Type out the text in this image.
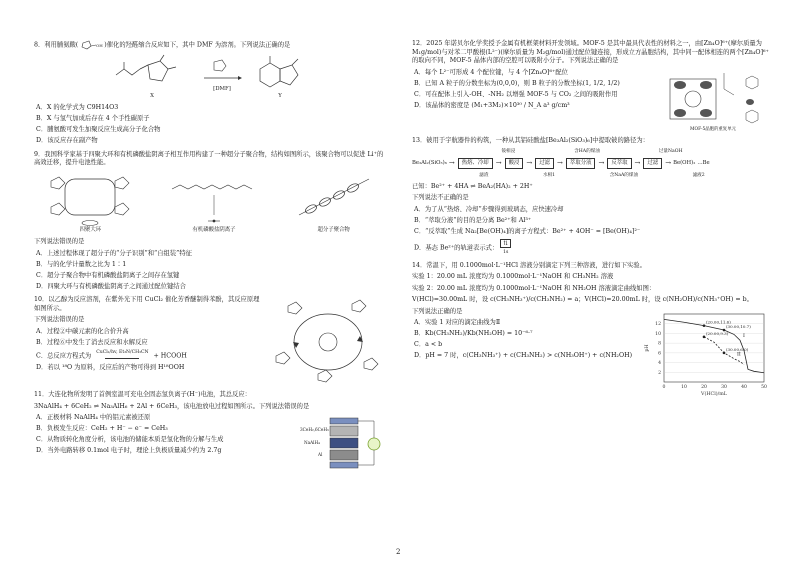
8．利用脯氨酸(	OH )催化的羟醛缩合反应如下，其中 DMF 为溶剂。下列说法正确的是

X
[DMF]
Y

A．X 的化学式为 C9H14O3

B．X 与氢气加成后存在 4 个手性碳原子

C．脯氨酸可发生加聚反应生成高分子化合物

D．该反应存在副产物

9．我国科学家基于四聚大环和有机磷酸盐阴离子相互作用构建了一种超分子聚合物，结构如图所示，该聚合物可以促进 Li⁺的高效迁移，提升电池性能。

四聚大环	有机磷酸盐阴离子	超分子聚合物

下列说法错误的是

A．上述过程体现了超分子的“分子识别”和“自组装”特征

B．与的化学计量数之比为 1∶1

C．超分子聚合物中有机磷酸盐阴离子之间存在氢键

D．四聚大环与有机磷酸盐阴离子之间通过配位键结合

10．以乙醇为反应溶剂，在紫外光下用 CuCl₂ 催化芳香醚制得苯酚，其反应原理如图所示。

下列说法错误的是

A．过程②中碳元素的化合价升高

B．过程⑥中发生了消去反应和水解反应

C．总反应方程式为 CuCl₂/hv, Et₃N/CH₃CN
+ HCOOH

D．若以 ¹⁸O 为原料，反应后的产物可得到 H¹⁸OOH

11．大连化物所发明了首例室温可充电全固态氢负离子(H⁻)电池，其总反应：

3NaAlH₄ + 6CeH₂ ⇌ Na₃AlH₆ + 2Al + 6CeH₃，该电池放电过程如图所示。下列说法错误的是

A．正极材料 NaAlH₄ 中的铝元素被还原

B．负极发生反应：CeH₂ + H⁻ − e⁻ = CeH₃

C．从物质转化角度分析，该电池的储能本质是氢化物的分解与生成

D．当外电路转移 0.1mol 电子时，理论上负极质量减少约为 2.7g

3CeH₂,6CeH₃
NaAlH₄
Al

12．2025 年诺贝尔化学奖授予金属有机框架材料开发领域。MOF-5 是其中最具代表性的材料之一，由[Zn₄O]⁶⁺(摩尔质量为 M₁g/mol)与对苯二甲酸根(L²⁻)(摩尔质量为 M₂g/mol)通过配位键连接，形成立方晶胞结构，其中同一配体相连的两个[Zn₄O]⁶⁺的取向不同，MOF-5 晶体内部的空腔可以吸附小分子。下列说法正确的是

A．每个 L²⁻可形成 4 个配位键，与 4 个[Zn₄O]⁶⁺配位

B．已知 A 粒子的分数坐标为(0,0,0)，则 B 粒子的分数坐标(1, 1/2, 1/2)

C．可在配体上引入-OH、-NH₂ 以增强 MOF-5 与 CO₂ 之间的吸附作用

D．该晶体的密度是 (M₁+3M₂)×10³⁰ / N_A a³ g/cm³

MOF-5晶胞的重复单元

13．铍用于宇航器件的构筑，一种从其铝硅酸盐[Be₃Al₂(SiO₃)₆]中提取铍的路径为：

铍相浸	含HA的煤油	过量NaOH
Be₃Al₂(SiO₃)₆ →	热熔、冷却	→	酸浸	→	过滤	→	萃取分液	→	反萃取	→	过滤	→ Be(OH)₂ …Be
滤渣	水相1	含NaA的煤油	滤液2

已知：Be²⁺ + 4HA ⇌ BeA₂(HA)₂ + 2H⁺

下列说法不正确的是

A．为了从“热熔、冷却”步骤得到玻璃态，应快速冷却

B．“萃取分液”的目的是分离 Be²⁺和 Al³⁺

C．“反萃取”生成 Na₂[Be(OH)₄]的离子方程式：Be²⁺ + 4OH⁻ = [Be(OH)₄]²⁻

D．基态 Be²⁺的轨道表示式： ⇅
1s

14．常温下，用 0.1000mol·L⁻¹HCl 溶液分别滴定下列三种溶液，进行如下实验。

实验 1：20.00 mL 浓度均为 0.1000mol·L⁻¹NaOH 和 CH₃NH₂ 溶液

实验 2：20.00 mL 浓度均为 0.1000mol·L⁻¹NaOH 和 NH₂OH 溶液滴定曲线如图：

V(HCl)=30.00mL 时，设 c(CH₃NH₃⁺)/c(CH₃NH₂) = a；V(HCl)=20.00mL 时，设 c(NH₂OH)/c(NH₃⁺OH) = b。

下列说法正确的是

A．实验 1 对应的滴定曲线为Ⅱ

B．Kb(CH₃NH₂)/Kb(NH₂OH) = 10⁻⁶·⁷

C．a < b

D．pH = 7 时，c(CH₃NH₃⁺) + c(CH₃NH₂) > c(NH₃OH⁺) + c(NH₂OH)

2
4
6
8
10
12
0	10	20	30	40	50
V(HCl)/mL
pH
I
II
(20.00,11.6)
(30.00,10.7)
(20.00,9.3)
(30.00,6.0)
2
